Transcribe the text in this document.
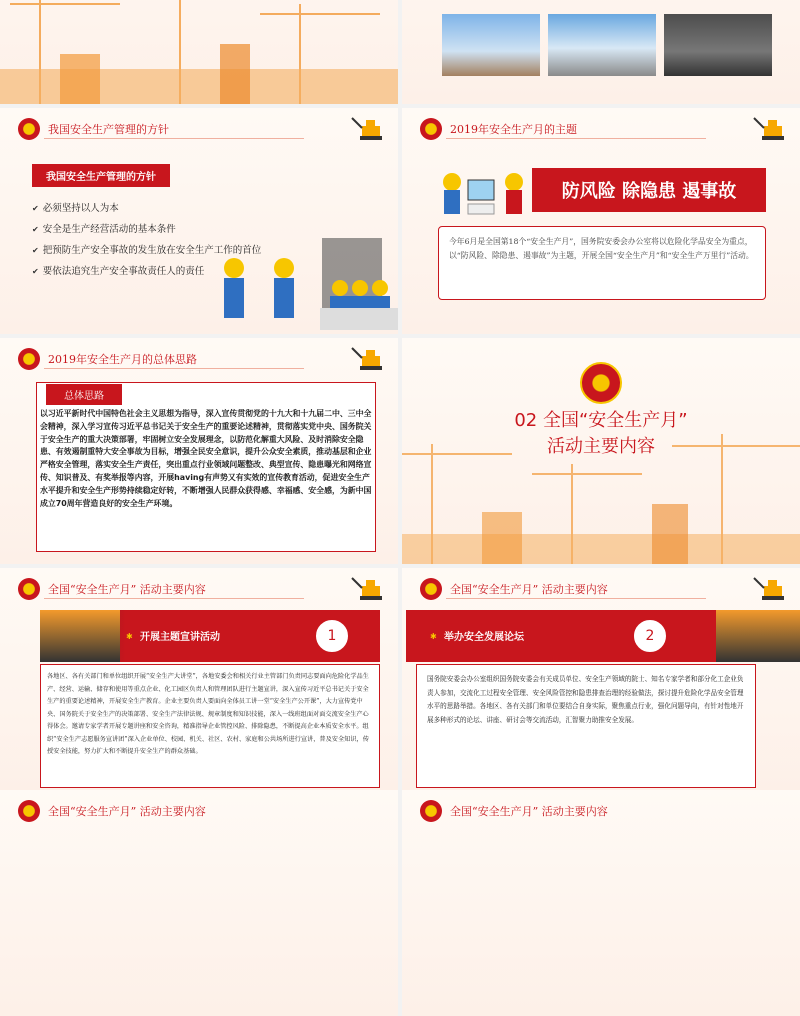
我国安全生产管理的方针
我国安全生产管理的方针
✔ 必须坚持以人为本
✔ 安全是生产经营活动的基本条件
✔ 把预防生产安全事故的发生放在安全生产工作的首位
✔ 要依法追究生产安全事故责任人的责任
2019年安全生产月的主题
防风险 除隐患 遏事故

今年6月是全国第18个“安全生产月”，国务院安委会办公室将以危险化学品安全为重点，以“防风险、除隐患、遏事故”为主题，开展全国“安全生产月”和“安全生产万里行”活动。

2019年安全生产月的总体思路
总体思路

以习近平新时代中国特色社会主义思想为指导，深入宣传贯彻党的十九大和十九届二中、三中全会精神，深入学习宣传习近平总书记关于安全生产的重要论述精神，贯彻落实党中央、国务院关于安全生产的重大决策部署，牢固树立安全发展理念，以防范化解重大风险、及时消除安全隐患、有效遏制重特大安全事故为目标，增强全民安全意识，提升公众安全素质，推动基层和企业严格安全管理，落实安全生产责任，突出重点行业领域问题整改、典型宣传、隐患曝光和网络宣传、知识普及、有奖举报等内容，开展having有声势又有实效的宣传教育活动，促进安全生产水平提升和安全生产形势持续稳定好转，不断增强人民群众获得感、幸福感、安全感，为新中国成立70周年营造良好的安全生产环境。

02 全国“安全生产月”
活动主要内容
全国“安全生产月” 活动主要内容
✱ 开展主题宣讲活动	1

各地区、各有关部门和单位组织开展“安全生产大讲堂”，各地安委会和相关行业主管部门负责同志要面向危险化学品生产、经营、运输、储存和使用等重点企业、化工园区负责人和管理团队进行主题宣讲，深入宣传习近平总书记关于安全生产的重要论述精神，开展安全生产教育。企业主要负责人要面向全体员工讲一堂“安全生产公开课”，大力宣传党中央、国务院关于安全生产的决策部署、安全生产法律法规、规章制度和知识技能，深入一线班组面对面交流安全生产心得体会。邀请专家学者开展专题讲座和安全咨询，精准指导企业管控风险、排除隐患，不断提高企业本质安全水平。组织“安全生产志愿服务宣讲团”深入企业单位、校园、机关、社区、农村、家庭和公共场所进行宣讲，普及安全知识，传授安全技能，努力扩大和不断提升安全生产的群众基础。

全国“安全生产月” 活动主要内容
✱ 举办安全发展论坛	2

国务院安委会办公室组织国务院安委会有关成员单位、安全生产领域的院士、知名专家学者和部分化工企业负责人参加，交流化工过程安全管理、安全风险管控和隐患排查治理的经验做法，探讨提升危险化学品安全管理水平的思路举措。各地区、各有关部门和单位要结合自身实际，聚焦重点行业，强化问题导向，有针对性地开展多种形式的论坛、讲座、研讨会等交流活动，汇智聚力助推安全发展。

全国“安全生产月” 活动主要内容	全国“安全生产月” 活动主要内容
